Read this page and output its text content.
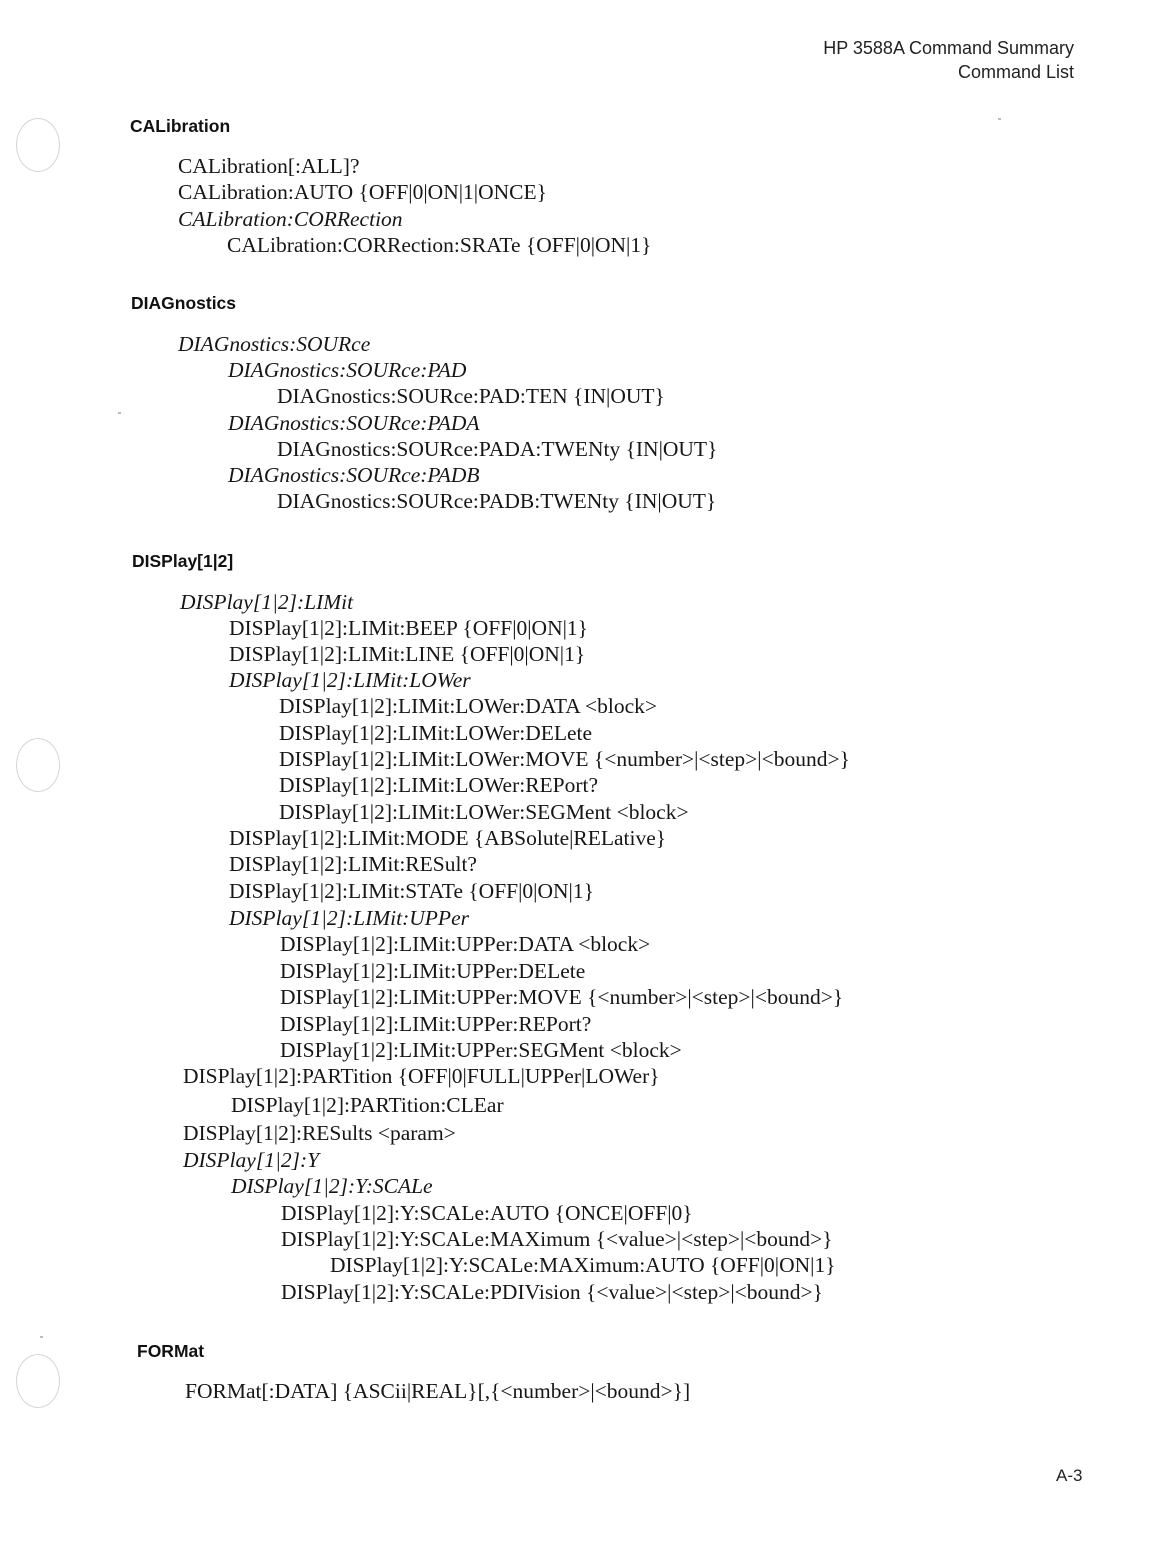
HP 3588A Command Summary
Command List
CALibration
CALibration[:ALL]?
CALibration:AUTO {OFF|0|ON|1|ONCE}
CALibration:CORRection
CALibration:CORRection:SRATe {OFF|0|ON|1}
DIAGnostics
DIAGnostics:SOURce
DIAGnostics:SOURce:PAD
DIAGnostics:SOURce:PAD:TEN {IN|OUT}
DIAGnostics:SOURce:PADA
DIAGnostics:SOURce:PADA:TWENty {IN|OUT}
DIAGnostics:SOURce:PADB
DIAGnostics:SOURce:PADB:TWENty {IN|OUT}
DISPlay[1|2]
DISPlay[1|2]:LIMit
DISPlay[1|2]:LIMit:BEEP {OFF|0|ON|1}
DISPlay[1|2]:LIMit:LINE {OFF|0|ON|1}
DISPlay[1|2]:LIMit:LOWer
DISPlay[1|2]:LIMit:LOWer:DATA <block>
DISPlay[1|2]:LIMit:LOWer:DELete
DISPlay[1|2]:LIMit:LOWer:MOVE {<number>|<step>|<bound>}
DISPlay[1|2]:LIMit:LOWer:REPort?
DISPlay[1|2]:LIMit:LOWer:SEGMent <block>
DISPlay[1|2]:LIMit:MODE {ABSolute|RELative}
DISPlay[1|2]:LIMit:RESult?
DISPlay[1|2]:LIMit:STATe {OFF|0|ON|1}
DISPlay[1|2]:LIMit:UPPer
DISPlay[1|2]:LIMit:UPPer:DATA <block>
DISPlay[1|2]:LIMit:UPPer:DELete
DISPlay[1|2]:LIMit:UPPer:MOVE {<number>|<step>|<bound>}
DISPlay[1|2]:LIMit:UPPer:REPort?
DISPlay[1|2]:LIMit:UPPer:SEGMent <block>
DISPlay[1|2]:PARTition {OFF|0|FULL|UPPer|LOWer}
DISPlay[1|2]:PARTition:CLEar
DISPlay[1|2]:RESults <param>
DISPlay[1|2]:Y
DISPlay[1|2]:Y:SCALe
DISPlay[1|2]:Y:SCALe:AUTO {ONCE|OFF|0}
DISPlay[1|2]:Y:SCALe:MAXimum {<value>|<step>|<bound>}
DISPlay[1|2]:Y:SCALe:MAXimum:AUTO {OFF|0|ON|1}
DISPlay[1|2]:Y:SCALe:PDIVision {<value>|<step>|<bound>}
FORMat
FORMat[:DATA] {ASCii|REAL}[,{<number>|<bound>}]
A-3
